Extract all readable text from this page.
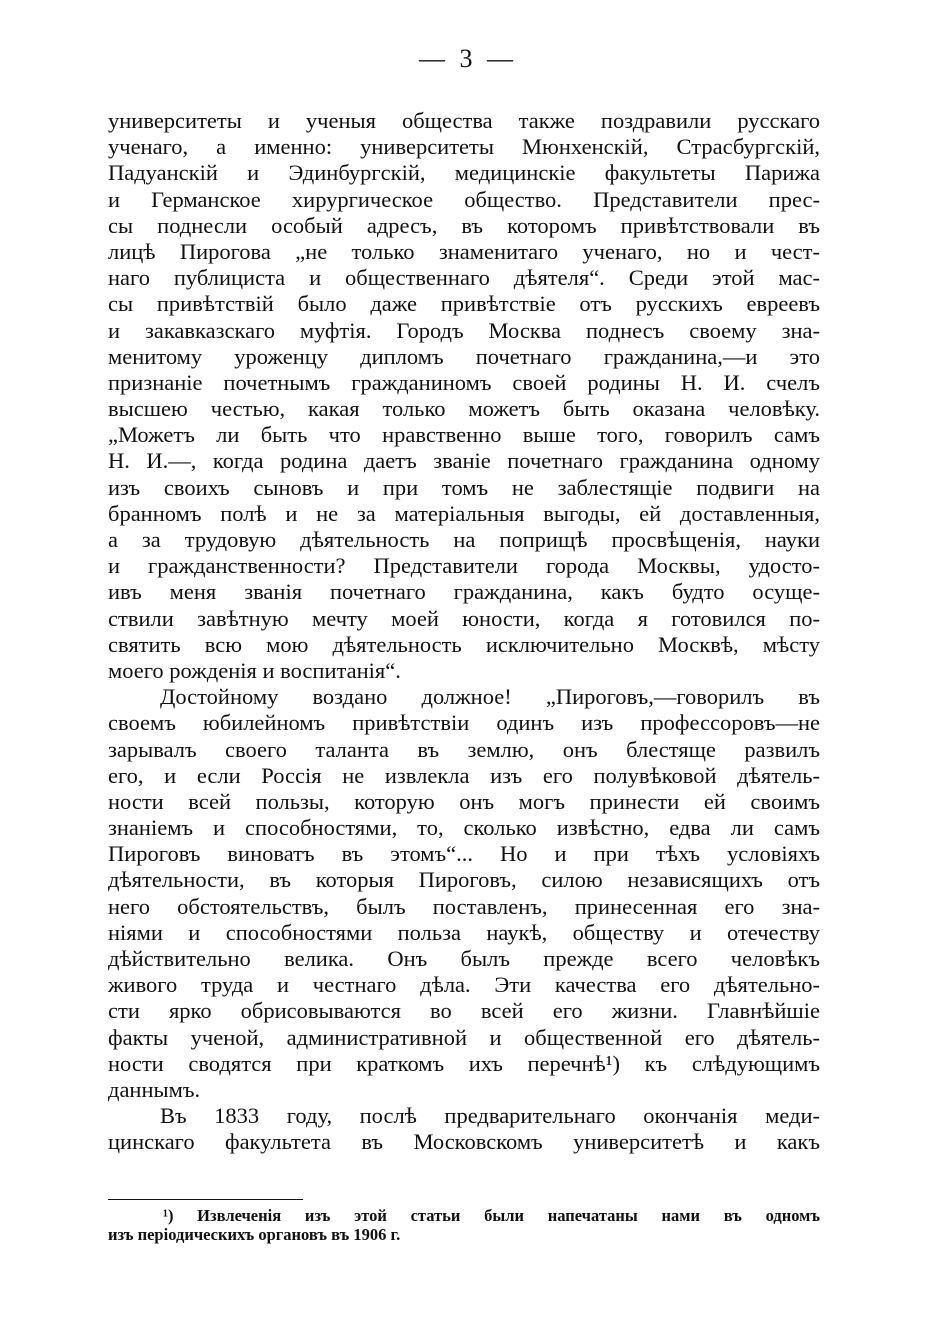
— 3 —
университеты и ученыя общества также поздравили русскаго
ученаго, а именно: университеты Мюнхенскій, Страсбургскій,
Падуанскій и Эдинбургскій, медицинскіе факультеты Парижа
и Германское хирургическое общество. Представители прес-
сы поднесли особый адресъ, въ которомъ привѣтствовали въ
лицѣ Пирогова „не только знаменитаго ученаго, но и чест-
наго публициста и общественнаго дѣятеля“. Среди этой мас-
сы привѣтствій было даже привѣтствіе отъ русскихъ евреевъ
и закавказскаго муфтія. Городъ Москва поднесъ своему зна-
менитому уроженцу дипломъ почетнаго гражданина,—и это
признаніе почетнымъ гражданиномъ своей родины Н. И. счелъ
высшею честью, какая только можетъ быть оказана человѣку.
„Можетъ ли быть что нравственно выше того, говорилъ самъ
Н. И.—, когда родина даетъ званіе почетнаго гражданина одному
изъ своихъ сыновъ и при томъ не заблестящіе подвиги на
бранномъ полѣ и не за матеріальныя выгоды, ей доставленныя,
а за трудовую дѣятельность на поприщѣ просвѣщенія, науки
и гражданственности? Представители города Москвы, удосто-
ивъ меня званія почетнаго гражданина, какъ будто осуще-
ствили завѣтную мечту моей юности, когда я готовился по-
святить всю мою дѣятельность исключительно Москвѣ, мѣсту
моего рожденія и воспитанія“.
Достойному воздано должное! „Пироговъ,—говорилъ въ
своемъ юбилейномъ привѣтствіи одинъ изъ профессоровъ—не
зарывалъ своего таланта въ землю, онъ блестяще развилъ
его, и если Россія не извлекла изъ его полувѣковой дѣятель-
ности всей пользы, которую онъ могъ принести ей своимъ
знаніемъ и способностями, то, сколько извѣстно, едва ли самъ
Пироговъ виноватъ въ этомъ“... Но и при тѣхъ условіяхъ
дѣятельности, въ которыя Пироговъ, силою независящихъ отъ
него обстоятельствъ, былъ поставленъ, принесенная его зна-
ніями и способностями польза наукѣ, обществу и отечеству
дѣйствительно велика. Онъ былъ прежде всего человѣкъ
живого труда и честнаго дѣла. Эти качества его дѣятельно-
сти ярко обрисовываются во всей его жизни. Главнѣйшіе
факты ученой, административной и общественной его дѣятель-
ности сводятся при краткомъ ихъ перечнѣ¹) къ слѣдующимъ
даннымъ.
Въ 1833 году, послѣ предварительнаго окончанія меди-
цинскаго факультета въ Московскомъ университетѣ и какъ
¹) Извлеченія изъ этой статьи были напечатаны нами въ одномъ
изъ періодическихъ органовъ въ 1906 г.
